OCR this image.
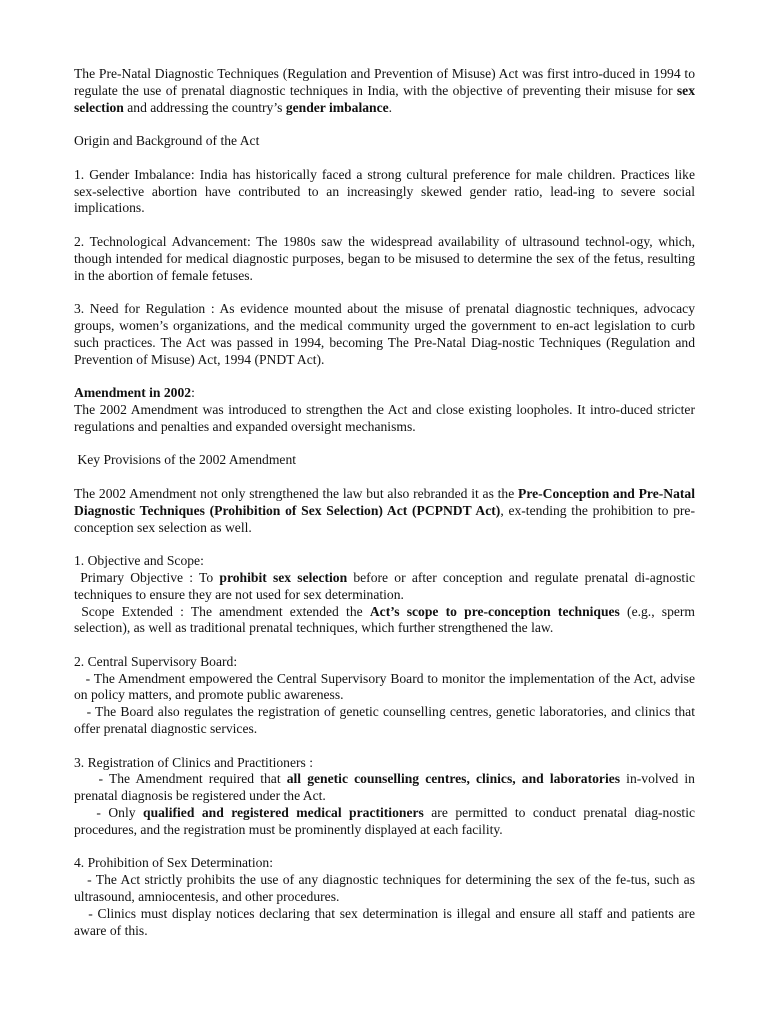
The Pre-Natal Diagnostic Techniques (Regulation and Prevention of Misuse) Act was first intro-duced in 1994 to regulate the use of prenatal diagnostic techniques in India, with the objective of preventing their misuse for sex selection and addressing the country’s gender imbalance.

Origin and Background of the Act

1. Gender Imbalance: India has historically faced a strong cultural preference for male children. Practices like sex-selective abortion have contributed to an increasingly skewed gender ratio, lead-ing to severe social implications.

2. Technological Advancement: The 1980s saw the widespread availability of ultrasound technol-ogy, which, though intended for medical diagnostic purposes, began to be misused to determine the sex of the fetus, resulting in the abortion of female fetuses.

3. Need for Regulation : As evidence mounted about the misuse of prenatal diagnostic techniques, advocacy groups, women’s organizations, and the medical community urged the government to en-act legislation to curb such practices. The Act was passed in 1994, becoming The Pre-Natal Diag-nostic Techniques (Regulation and Prevention of Misuse) Act, 1994 (PNDT Act).

Amendment in 2002:

The 2002 Amendment was introduced to strengthen the Act and close existing loopholes. It intro-duced stricter regulations and penalties and expanded oversight mechanisms.

Key Provisions of the 2002 Amendment

The 2002 Amendment not only strengthened the law but also rebranded it as the Pre-Conception and Pre-Natal Diagnostic Techniques (Prohibition of Sex Selection) Act (PCPNDT Act), ex-tending the prohibition to pre-conception sex selection as well.

1. Objective and Scope:

Primary Objective : To prohibit sex selection before or after conception and regulate prenatal di-agnostic techniques to ensure they are not used for sex determination.

Scope Extended : The amendment extended the Act’s scope to pre-conception techniques (e.g., sperm selection), as well as traditional prenatal techniques, which further strengthened the law.

2. Central Supervisory Board:

- The Amendment empowered the Central Supervisory Board to monitor the implementation of the Act, advise on policy matters, and promote public awareness.

- The Board also regulates the registration of genetic counselling centres, genetic laboratories, and clinics that offer prenatal diagnostic services.

3. Registration of Clinics and Practitioners :

- The Amendment required that all genetic counselling centres, clinics, and laboratories in-volved in prenatal diagnosis be registered under the Act.

- Only qualified and registered medical practitioners are permitted to conduct prenatal diag-nostic procedures, and the registration must be prominently displayed at each facility.

4. Prohibition of Sex Determination:

- The Act strictly prohibits the use of any diagnostic techniques for determining the sex of the fe-tus, such as ultrasound, amniocentesis, and other procedures.

- Clinics must display notices declaring that sex determination is illegal and ensure all staff and patients are aware of this.
